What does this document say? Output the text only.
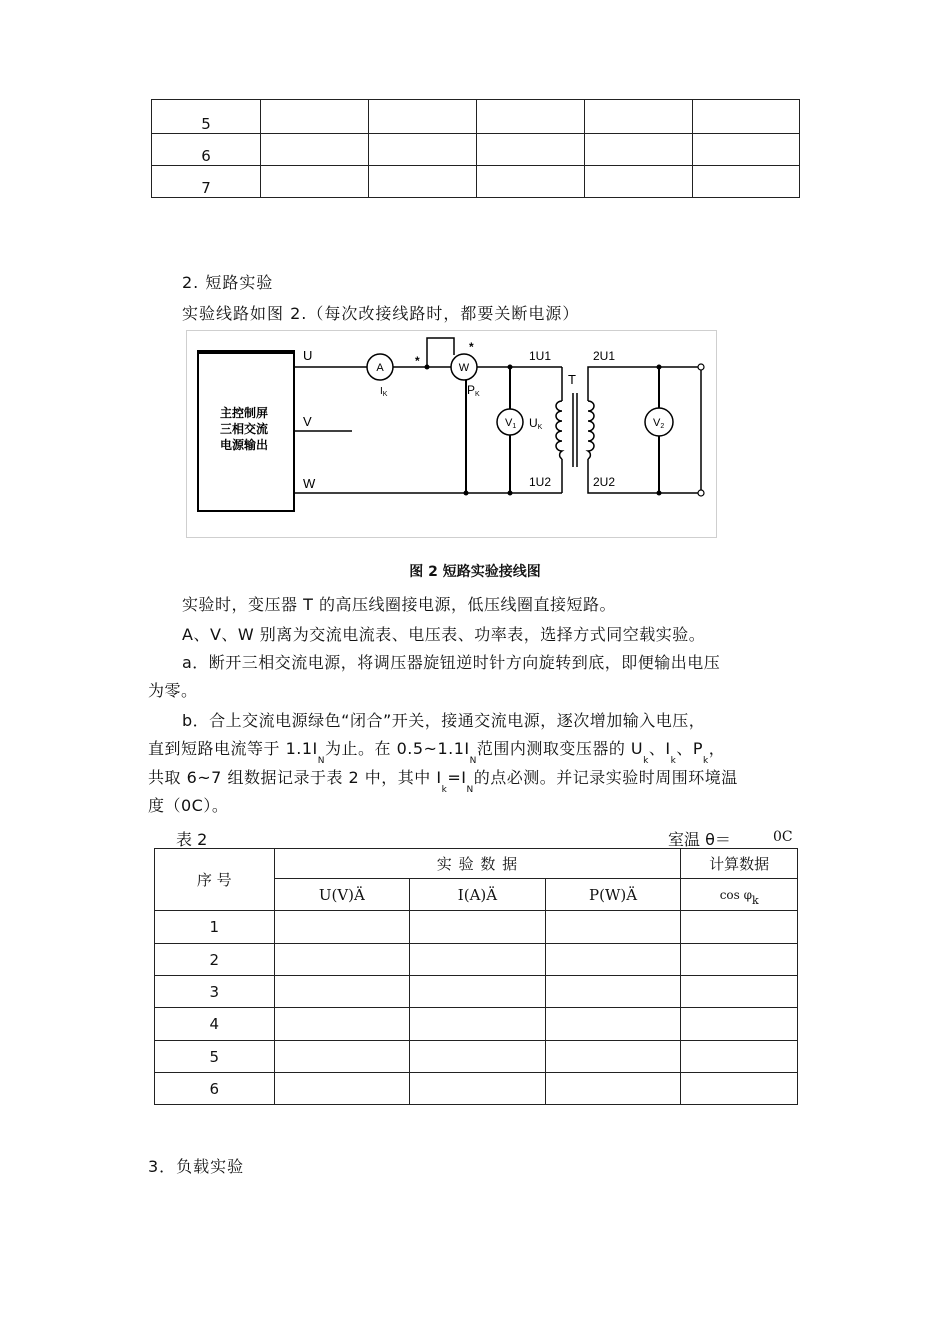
5					
6					
7					
2. 短路实验
实验线路如图 2.（每次改接线路时，都要关断电源）
主控制屏
三相交流
电源输出
U
V
W
A
$I_K$
*
*
W
PK
V1 UK
1U1
1U2
T
2U1
2U2
V2
图 2 短路实验接线图
实验时，变压器 T 的高压线圈接电源，低压线圈直接短路。
A、V、W 别离为交流电流表、电压表、功率表，选择方式同空载实验。
a．断开三相交流电源，将调压器旋钮逆时针方向旋转到底，即便输出电压
为零。
b．合上交流电源绿色“闭合”开关，接通交流电源，逐次增加输入电压，
直到短路电流等于 $1.1I_N$为止。在 $0.5\sim 1.1I_N$范围内测取变压器的 $U_k$、$I_k$、$P_k$，
共取 6~7 组数据记录于表 2 中，其中 $I_k=I_N$的点必测。并记录实验时周围环境温
度（0C）。
表 2	室温 θ＝	0C
序 号	实 验 数 据			计算数据
	U(V)Ä	I(A)Ä	P(W)Ä	cos φk
1				
2				
3				
4				
5				
6				
3．负载实验
